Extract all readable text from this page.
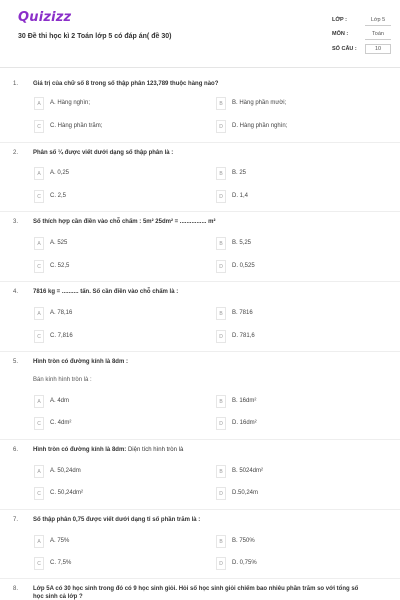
Quizizz
30 Đề thi học kì 2 Toán lớp 5 có đáp án( đề 30)
LỚP :	Lớp 5
MÔN :	Toán
SỐ CÂU :	10
1. Giá trị của chữ số 8 trong số thập phân 123,789 thuộc hàng nào?
A	A. Hàng nghìn;	B	B. Hàng phần mười;
C	C. Hàng phần trăm;	D	D. Hàng phần nghìn;
2. Phân số ¼ được viết dưới dạng số thập phân là :
A	A. 0,25	B	B. 25
C	C. 2,5	D	D. 1,4
3. Số thích hợp cần điền vào chỗ chấm : 5m² 25dm² = ................ m²
A	A. 525	B	B. 5,25
C	C. 52,5	D	D. 0,525
4. 7816 kg = .......... tấn. Số cần điền vào chỗ chấm là :
A	A. 78,16	B	B. 7816
C	C. 7,816	D	D. 781,6
5. Hình tròn có đường kính là 8dm :
Bán kính hình tròn là :
A	A. 4dm	B	B. 16dm²
C	C. 4dm²	D	D. 16dm²
6. Hình tròn có đường kính là 8dm: Diện tích hình tròn là
A	A. 50,24dm	B	B. 5024dm²
C	C. 50,24dm²	D	D.50,24m
7. Số thập phân 0,75 được viết dưới dạng tỉ số phần trăm là :
A	A. 75%	B	B. 750%
C	C. 7,5%	D	D. 0,75%
8. Lớp 5A có 30 học sinh trong đó có 9 học sinh giỏi. Hỏi số học sinh giỏi chiếm bao nhiêu phần trăm so với tổng số
học sinh cả lớp ?
